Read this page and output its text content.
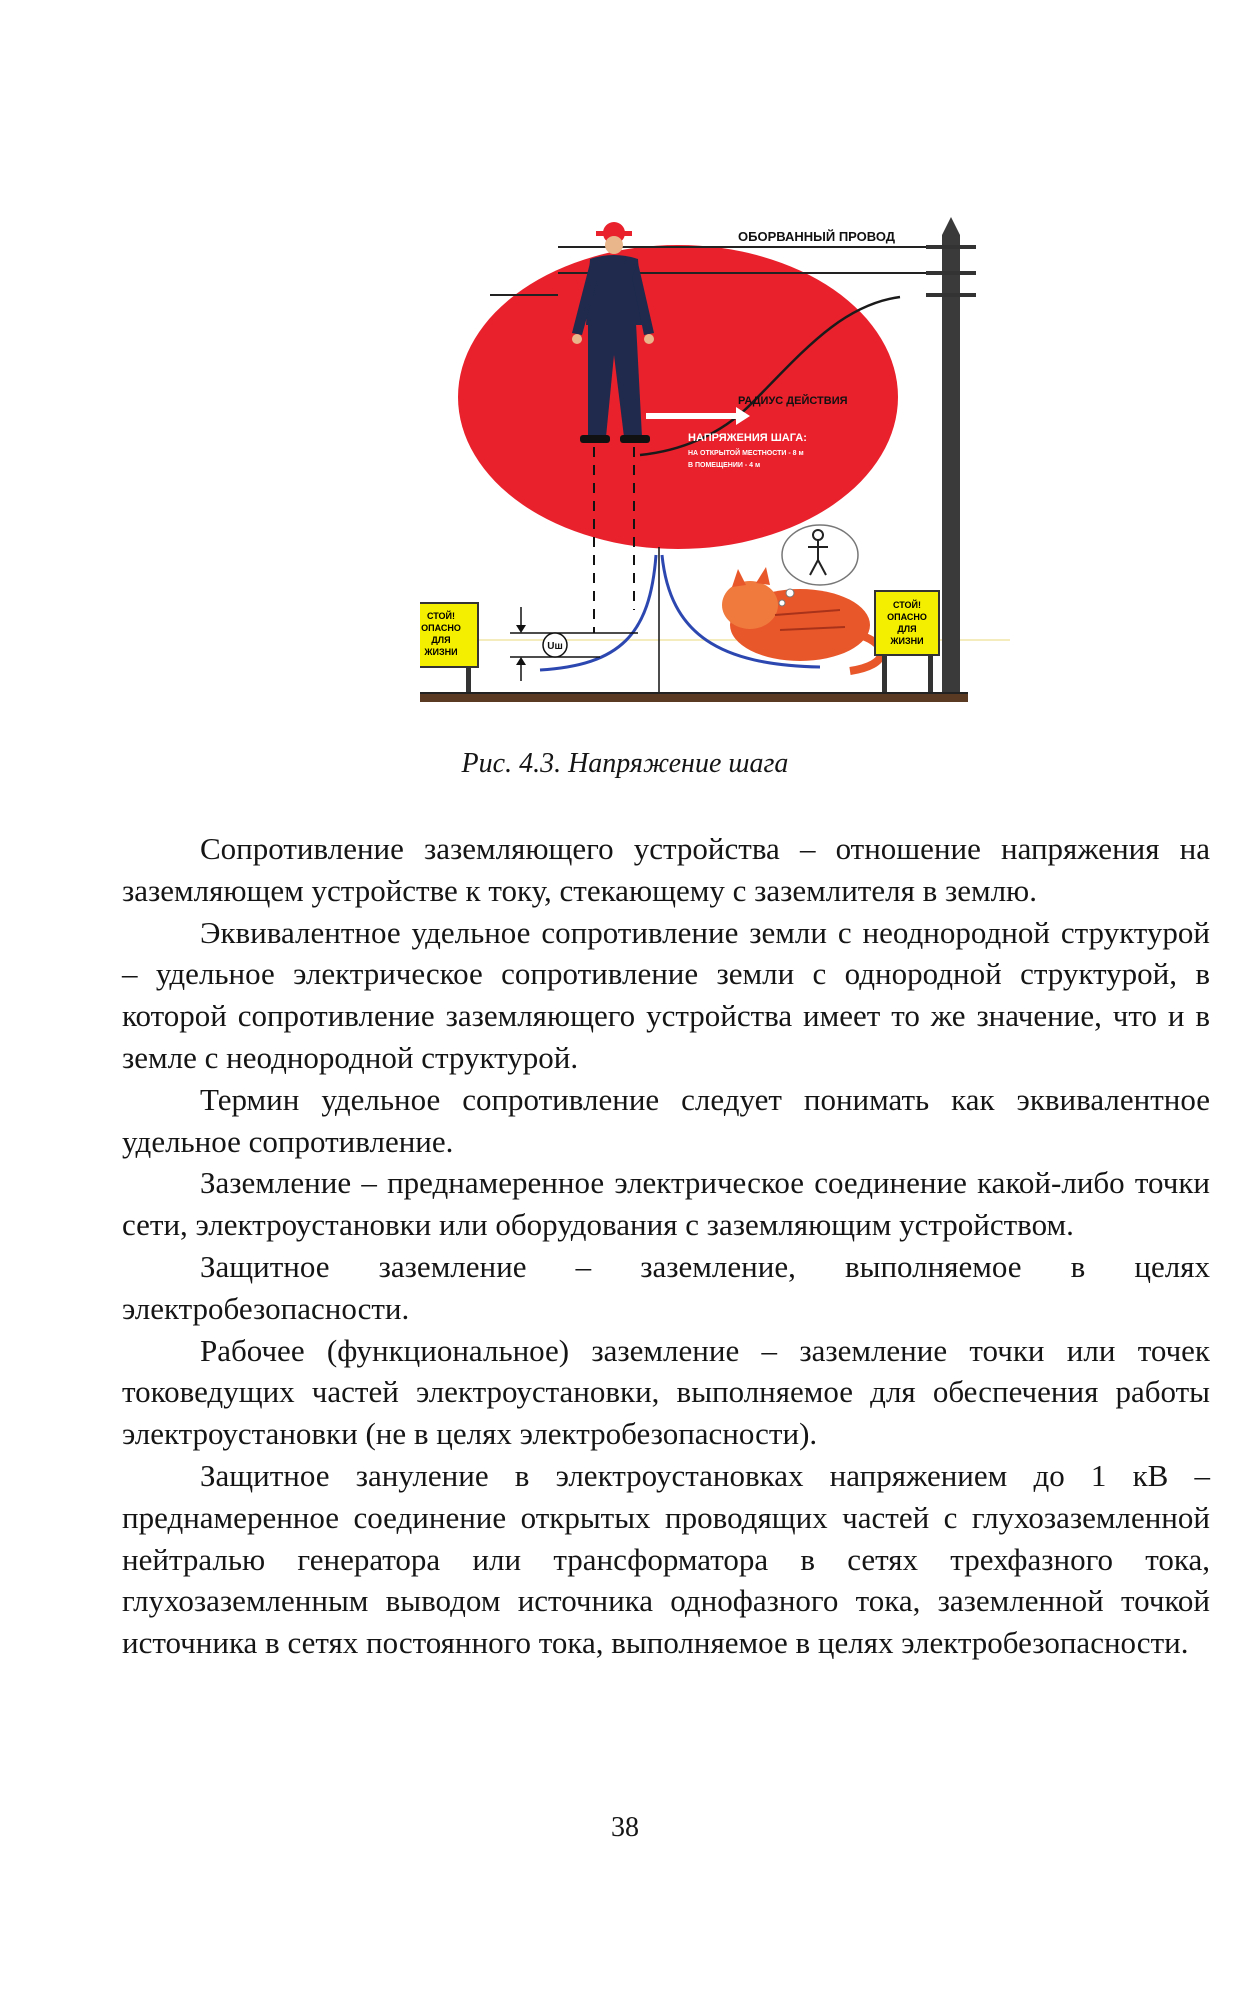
ОБОРВАННЫЙ ПРОВОД
РАДИУС ДЕЙСТВИЯ
НАПРЯЖЕНИЯ ШАГА:
НА ОТКРЫТОЙ МЕСТНОСТИ - 8 м
В ПОМЕЩЕНИИ - 4 м
Uш
СТОЙ!
ОПАСНО
ДЛЯ
ЖИЗНИ
СТОЙ!
ОПАСНО
ДЛЯ
ЖИЗНИ
Рис. 4.3. Напряжение шага

Сопротивление заземляющего устройства – отношение напряжения на заземляющем устройстве к току, стекающему с заземлителя в землю.

Эквивалентное удельное сопротивление земли с неоднородной структурой – удельное электрическое сопротивление земли с однородной структурой, в которой сопротивление заземляющего устройства имеет то же значение, что и в земле с неоднородной структурой.

Термин удельное сопротивление следует понимать как эквивалентное удельное сопротивление.

Заземление – преднамеренное электрическое соединение какой-либо точки сети, электроустановки или оборудования с заземляющим устройством.

Защитное заземление – заземление, выполняемое в целях электробезопасности.

Рабочее (функциональное) заземление – заземление точки или точек токоведущих частей электроустановки, выполняемое для обеспечения работы электроустановки (не в целях электробезопасности).

Защитное зануление в электроустановках напряжением до 1 кВ – преднамеренное соединение открытых проводящих частей с глухозаземленной нейтралью генератора или трансформатора в сетях трехфазного тока, глухозаземленным выводом источника однофазного тока, заземленной точкой источника в сетях постоянного тока, выполняемое в целях электробезопасности.

38
